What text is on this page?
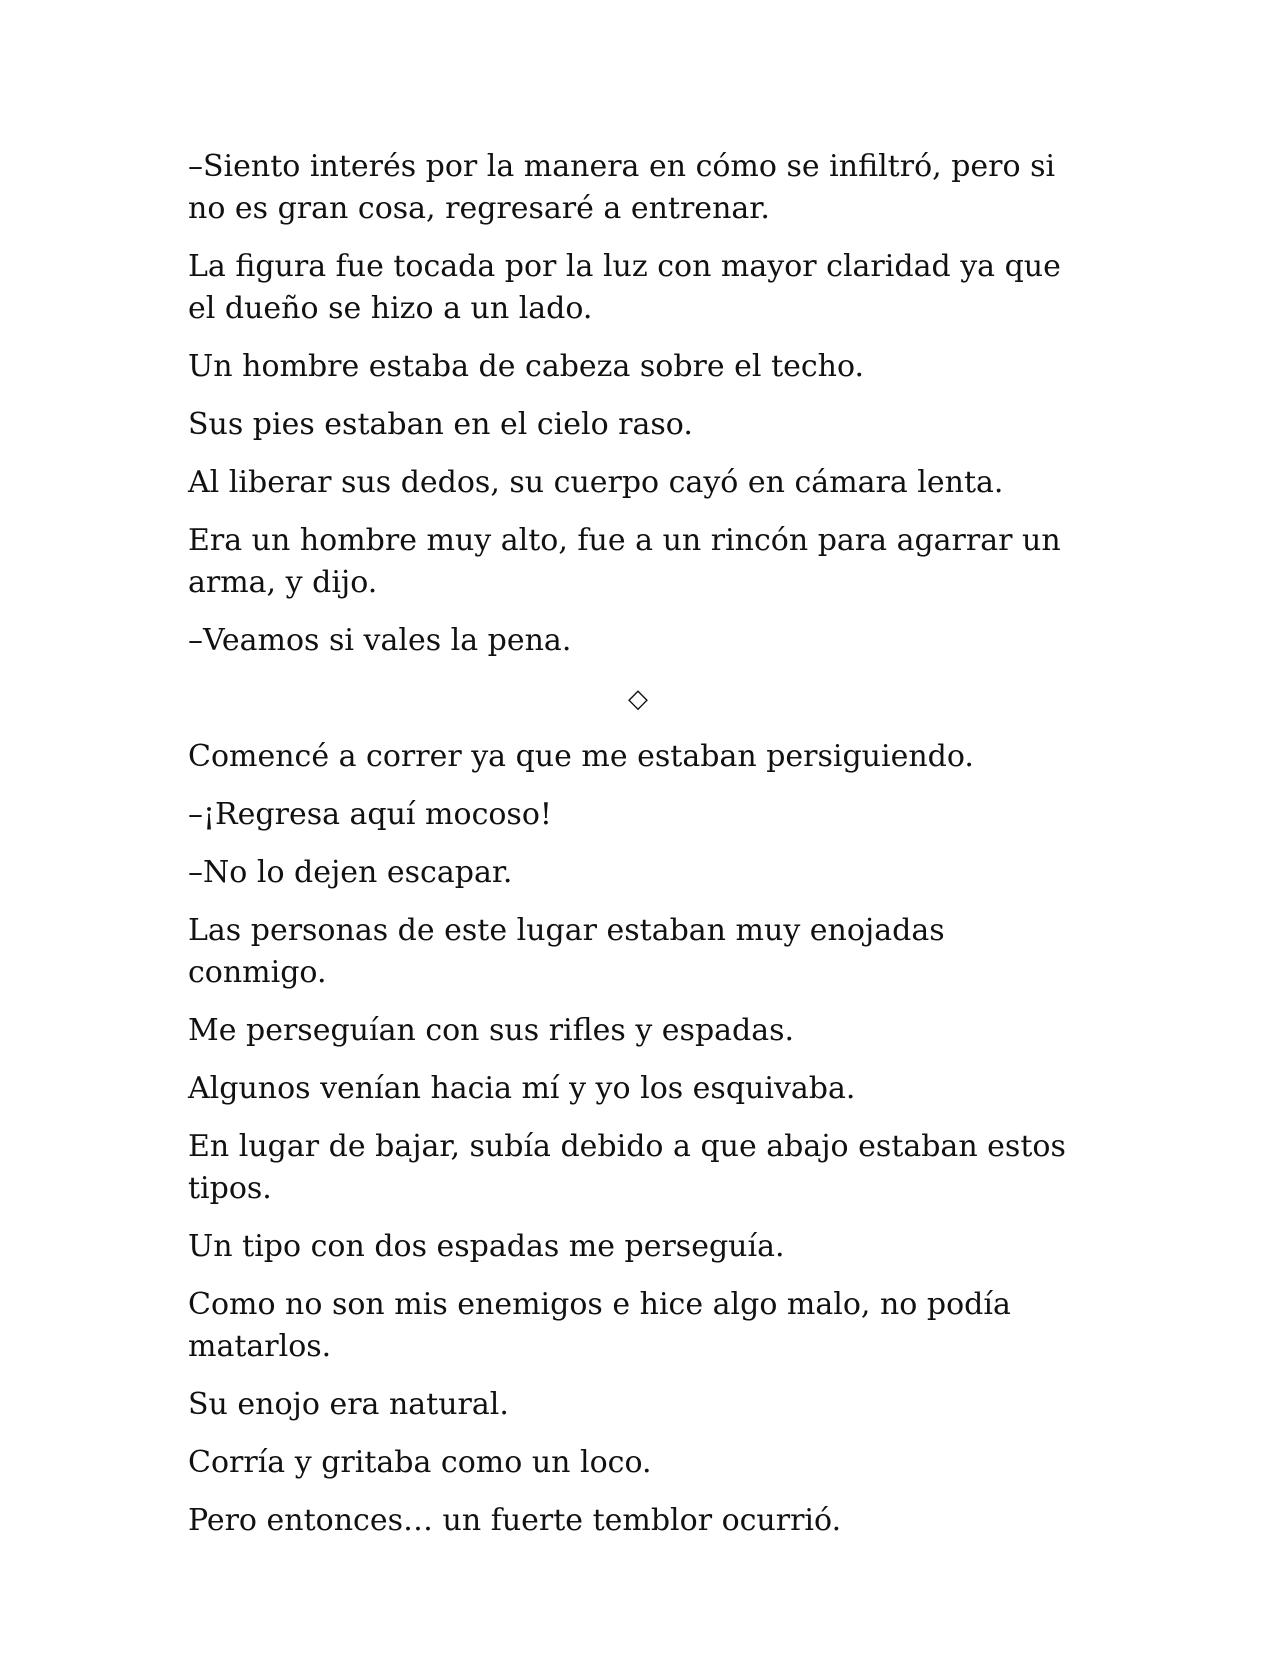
–Siento interés por la manera en cómo se infiltró, pero si no es gran cosa, regresaré a entrenar.

La figura fue tocada por la luz con mayor claridad ya que el dueño se hizo a un lado.

Un hombre estaba de cabeza sobre el techo.

Sus pies estaban en el cielo raso.

Al liberar sus dedos, su cuerpo cayó en cámara lenta.

Era un hombre muy alto, fue a un rincón para agarrar un arma, y dijo.

–Veamos si vales la pena.

◇

Comencé a correr ya que me estaban persiguiendo.

–¡Regresa aquí mocoso!

–No lo dejen escapar.

Las personas de este lugar estaban muy enojadas conmigo.

Me perseguían con sus rifles y espadas.

Algunos venían hacia mí y yo los esquivaba.

En lugar de bajar, subía debido a que abajo estaban estos tipos.

Un tipo con dos espadas me perseguía.

Como no son mis enemigos e hice algo malo, no podía matarlos.

Su enojo era natural.

Corría y gritaba como un loco.

Pero entonces… un fuerte temblor ocurrió.
